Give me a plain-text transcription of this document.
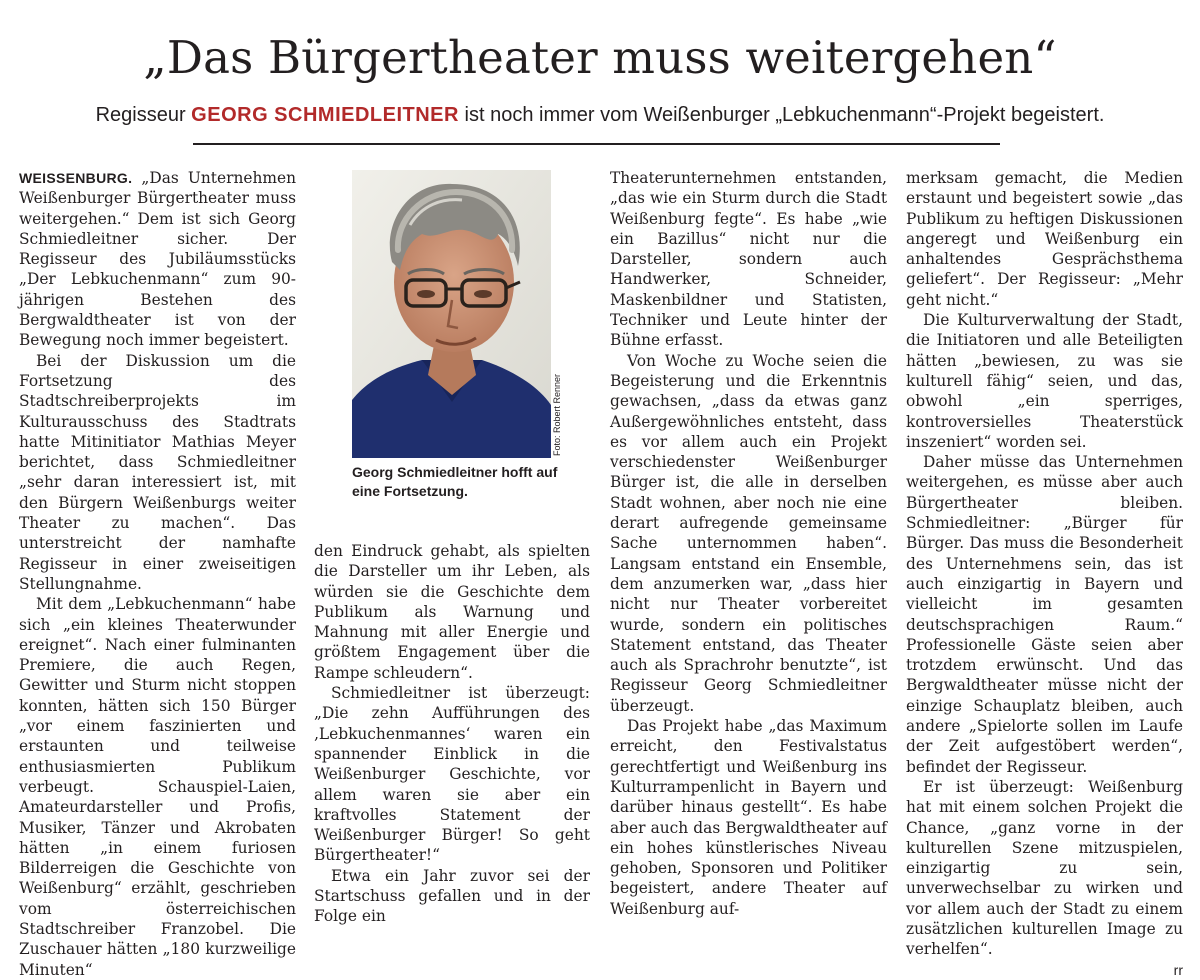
„Das Bürgertheater muss weitergehen“
Regisseur GEORG SCHMIEDLEITNER ist noch immer vom Weißenburger „Lebkuchenmann“-Projekt begeistert.

WEISSENBURG. „Das Unternehmen Weißenburger Bürgertheater muss weitergehen.“ Dem ist sich Georg Schmiedleitner sicher. Der Regisseur des Jubiläumsstücks „Der Lebkuchenmann“ zum 90-jährigen Bestehen des Bergwaldtheater ist von der Bewegung noch immer begeistert.

Bei der Diskussion um die Fortsetzung des Stadtschreiberprojekts im Kulturausschuss des Stadtrats hatte Mitinitiator Mathias Meyer berichtet, dass Schmiedleitner „sehr daran interessiert ist, mit den Bürgern Weißenburgs weiter Theater zu machen“. Das unterstreicht der namhafte Regisseur in einer zweiseitigen Stellungnahme.

Mit dem „Lebkuchenmann“ habe sich „ein kleines Theaterwunder ereignet“. Nach einer fulminanten Premiere, die auch Regen, Gewitter und Sturm nicht stoppen konnten, hätten sich 150 Bürger „vor einem faszinierten und erstaunten und teilweise enthusiasmierten Publikum verbeugt. Schauspiel-Laien, Amateurdarsteller und Profis, Musiker, Tänzer und Akrobaten hätten „in einem furiosen Bilderreigen die Geschichte von Weißenburg“ erzählt, geschrieben vom österreichischen Stadtschreiber Franzobel. Die Zuschauer hätten „180 kurzweilige Minuten“

Foto: Robert Renner
Georg Schmiedleitner hofft auf eine Fortsetzung.

den Eindruck gehabt, als spielten die Darsteller um ihr Leben, als würden sie die Geschichte dem Publikum als Warnung und Mahnung mit aller Energie und größtem Engagement über die Rampe schleudern“.

Schmiedleitner ist überzeugt: „Die zehn Aufführungen des ‚Lebkuchenmannes‘ waren ein spannender Einblick in die Weißenburger Geschichte, vor allem waren sie aber ein kraftvolles Statement der Weißenburger Bürger! So geht Bürgertheater!“

Etwa ein Jahr zuvor sei der Startschuss gefallen und in der Folge ein

Theaterunternehmen entstanden, „das wie ein Sturm durch die Stadt Weißenburg fegte“. Es habe „wie ein Bazillus“ nicht nur die Darsteller, sondern auch Handwerker, Schneider, Maskenbildner und Statisten, Techniker und Leute hinter der Bühne erfasst.

Von Woche zu Woche seien die Begeisterung und die Erkenntnis gewachsen, „dass da etwas ganz Außergewöhnliches entsteht, dass es vor allem auch ein Projekt verschiedenster Weißenburger Bürger ist, die alle in derselben Stadt wohnen, aber noch nie eine derart aufregende gemeinsame Sache unternommen haben“. Langsam entstand ein Ensemble, dem anzumerken war, „dass hier nicht nur Theater vorbereitet wurde, sondern ein politisches Statement entstand, das Theater auch als Sprachrohr benutzte“, ist Regisseur Georg Schmiedleitner überzeugt.

Das Projekt habe „das Maximum erreicht, den Festivalstatus gerechtfertigt und Weißenburg ins Kulturrampenlicht in Bayern und darüber hinaus gestellt“. Es habe aber auch das Bergwaldtheater auf ein hohes künstlerisches Niveau gehoben, Sponsoren und Politiker begeistert, andere Theater auf Weißenburg auf-

merksam gemacht, die Medien erstaunt und begeistert sowie „das Publikum zu heftigen Diskussionen angeregt und Weißenburg ein anhaltendes Gesprächsthema geliefert“. Der Regisseur: „Mehr geht nicht.“

Die Kulturverwaltung der Stadt, die Initiatoren und alle Beteiligten hätten „bewiesen, zu was sie kulturell fähig“ seien, und das, obwohl „ein sperriges, kontroversielles Theaterstück inszeniert“ worden sei.

Daher müsse das Unternehmen weitergehen, es müsse aber auch Bürgertheater bleiben. Schmiedleitner: „Bürger für Bürger. Das muss die Besonderheit des Unternehmens sein, das ist auch einzigartig in Bayern und vielleicht im gesamten deutschsprachigen Raum.“ Professionelle Gäste seien aber trotzdem erwünscht. Und das Bergwaldtheater müsse nicht der einzige Schauplatz bleiben, auch andere „Spielorte sollen im Laufe der Zeit aufgestöbert werden“, befindet der Regisseur.

Er ist überzeugt: Weißenburg hat mit einem solchen Projekt die Chance, „ganz vorne in der kulturellen Szene mitzuspielen, einzigartig zu sein, unverwechselbar zu wirken und vor allem auch der Stadt zu einem zusätzlichen kulturellen Image zu verhelfen“.

rr
